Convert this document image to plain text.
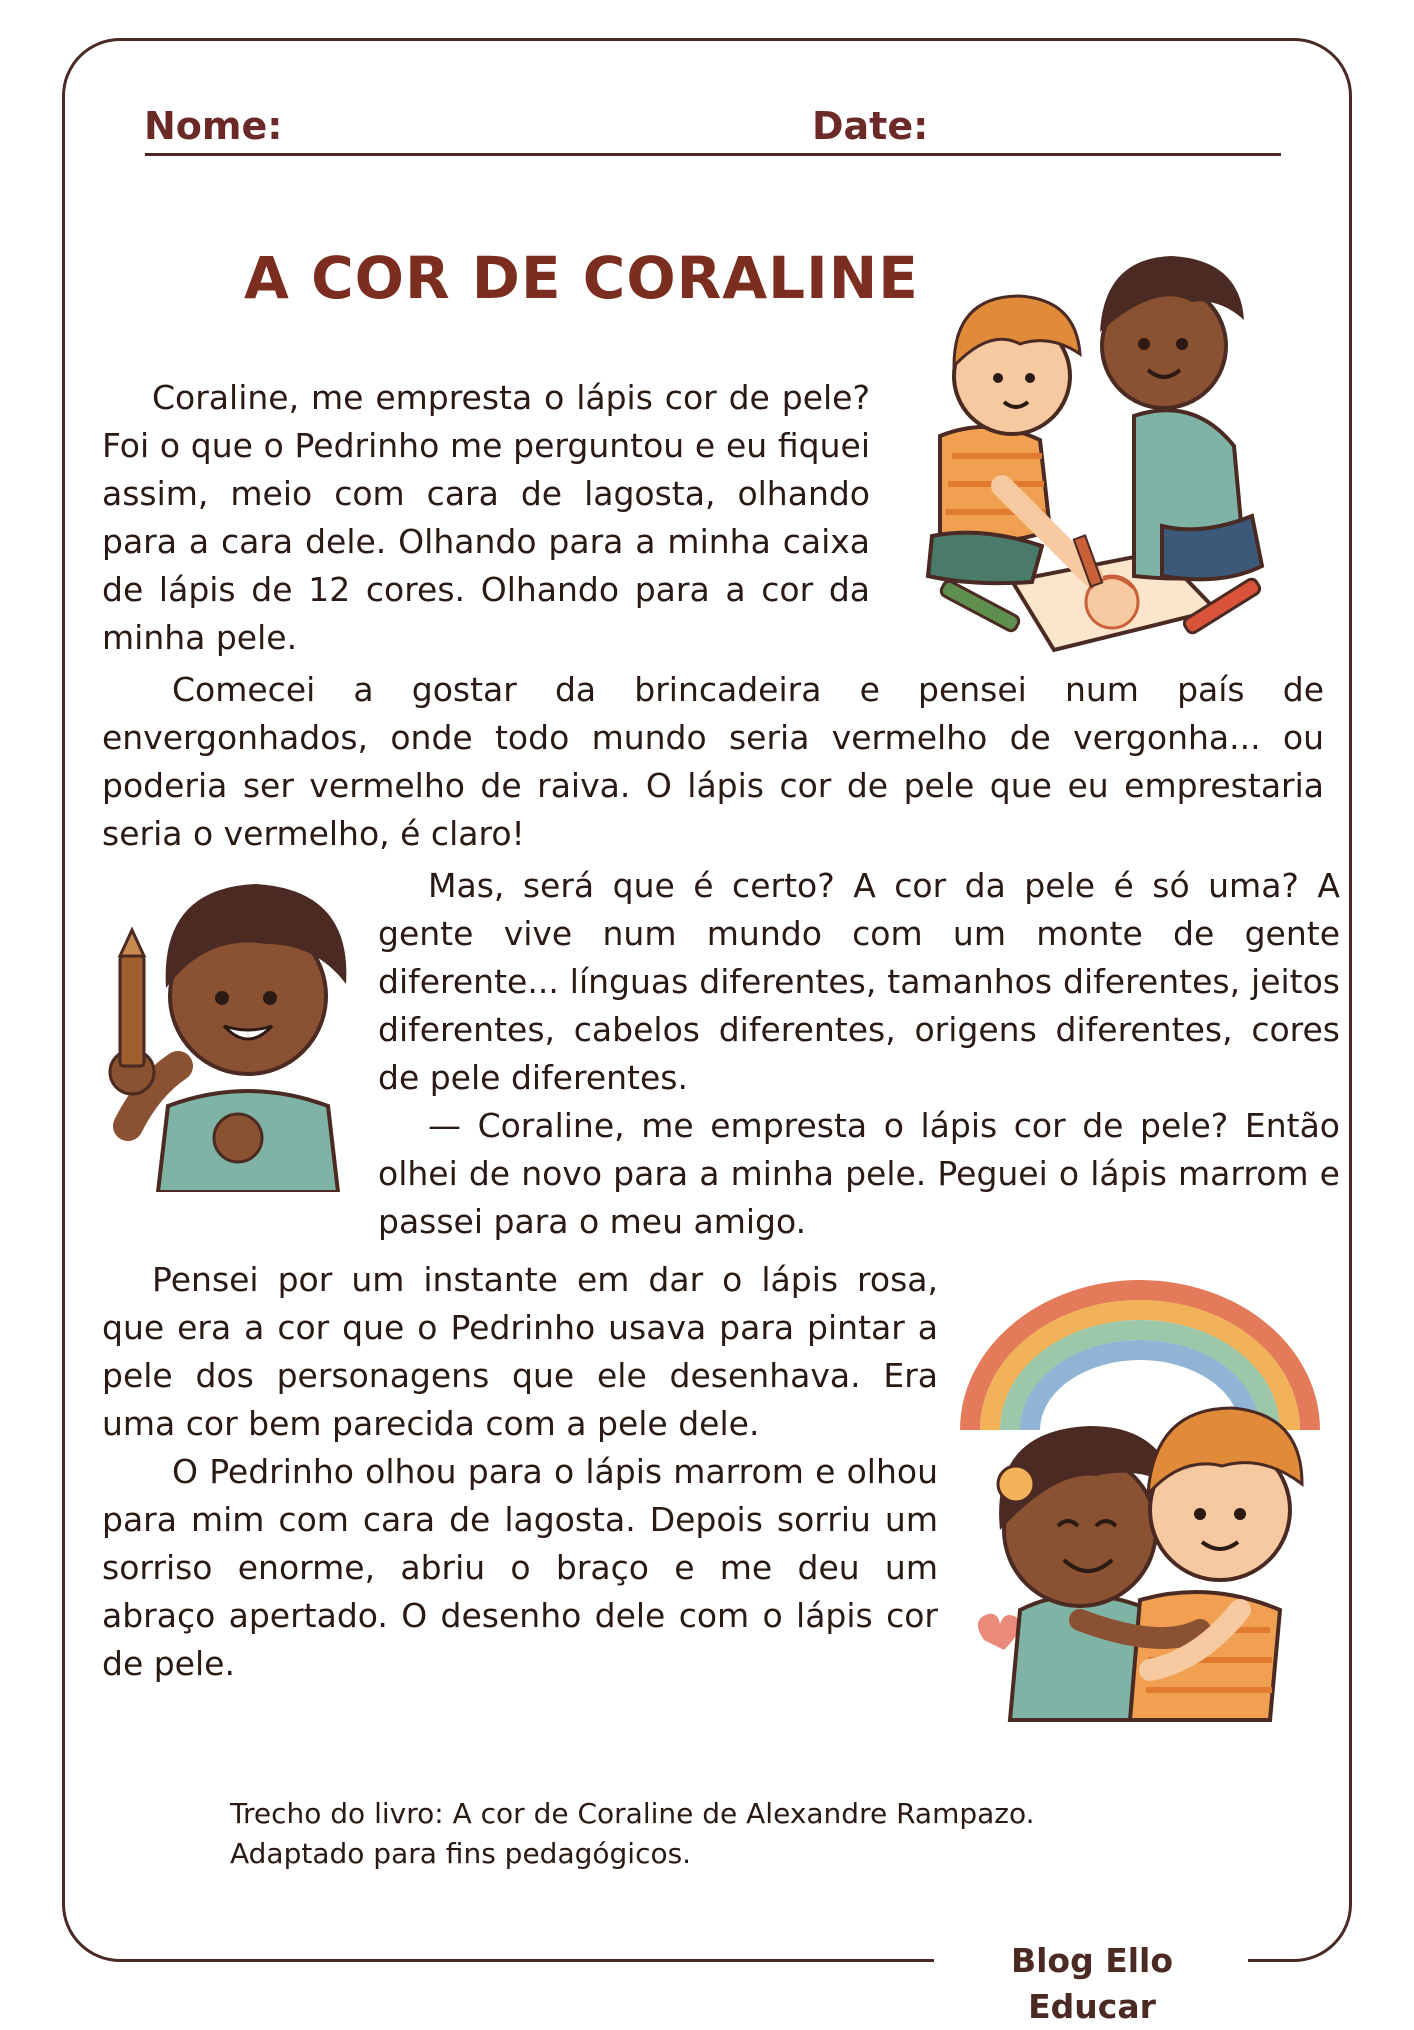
Nome:	Date:
A COR DE CORALINE

Coraline, me empresta o lápis cor de pele? Foi o que o Pedrinho me perguntou e eu fiquei assim, meio com cara de lagosta, olhando para a cara dele. Olhando para a minha caixa de lápis de 12 cores. Olhando para a cor da minha pele.

Comecei a gostar da brincadeira e pensei num país de envergonhados, onde todo mundo seria vermelho de vergonha... ou poderia ser vermelho de raiva. O lápis cor de pele que eu emprestaria seria o vermelho, é claro!

Mas, será que é certo? A cor da pele é só uma? A gente vive num mundo com um monte de gente diferente... línguas diferentes, tamanhos diferentes, jeitos diferentes, cabelos diferentes, origens diferentes, cores de pele diferentes.

— Coraline, me empresta o lápis cor de pele? Então olhei de novo para a minha pele. Peguei o lápis marrom e passei para o meu amigo.

Pensei por um instante em dar o lápis rosa, que era a cor que o Pedrinho usava para pintar a pele dos personagens que ele desenhava. Era uma cor bem parecida com a pele dele.

O Pedrinho olhou para o lápis marrom e olhou para mim com cara de lagosta. Depois sorriu um sorriso enorme, abriu o braço e me deu um abraço apertado. O desenho dele com o lápis cor de pele.

Trecho do livro: A cor de Coraline de Alexandre Rampazo.
Adaptado para fins pedagógicos.
Blog Ello Educar
